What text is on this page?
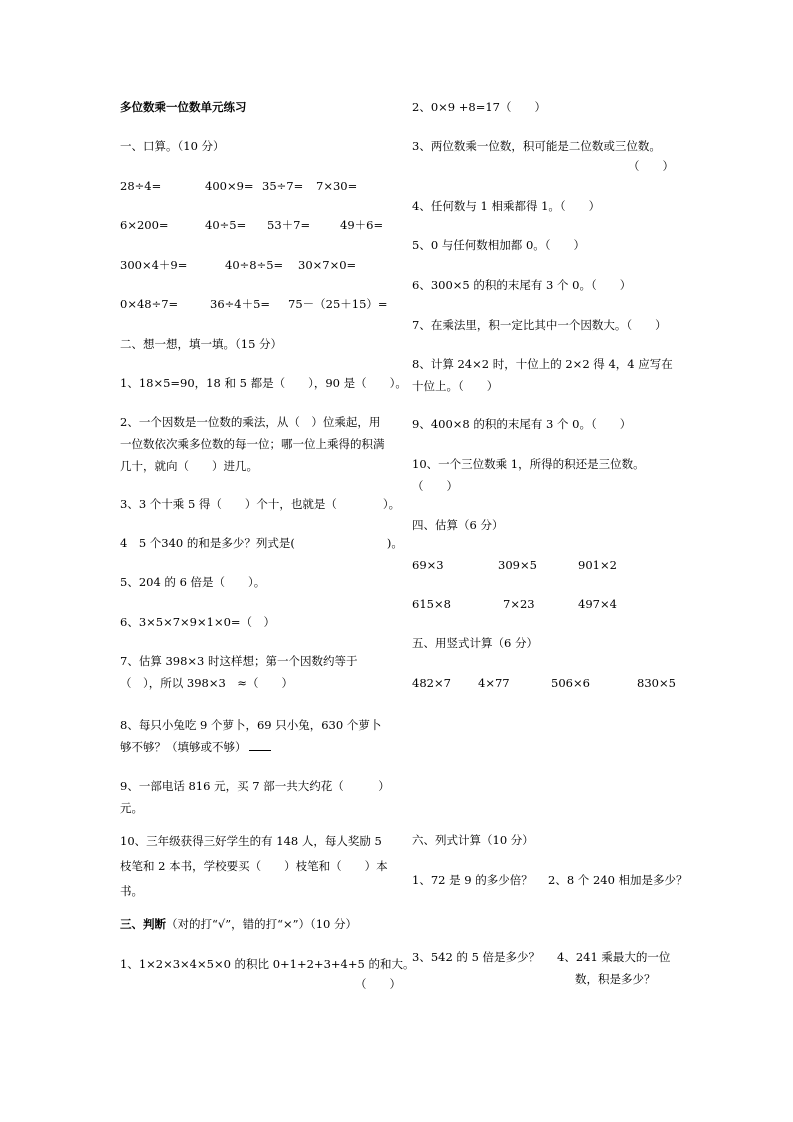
多位数乘一位数单元练习
一、口算。（10 分）
28÷4=	400×9= 35÷7= 7×30=
6×200=	40÷5= 53＋7=	49＋6=
300×4＋9=	40÷8÷5= 30×7×0=
0×48÷7=	36÷4＋5= 75－（25＋15）=
二、想一想，填一填。（15 分）
1、18×5=90，18 和 5 都是（　　），90 是（　　）。
2、一个因数是一位数的乘法，从（　）位乘起，用一位数依次乘多位数的每一位；哪一位上乘得的积满几十，就向（　　）进几。
3、3 个十乘 5 得（　　）个十，也就是（　　　　）。
4　5 个340 的和是多少？列式是(　　　　　　　　)。
5、204 的 6 倍是（　　）。
6、3×5×7×9×1×0=（　）
7、估算 398×3 时这样想；第一个因数约等于（　），所以 398×3　≈（　　）
8、每只小兔吃 9 个萝卜，69 只小兔，630 个萝卜够不够？（填够或不够）
9、一部电话 816 元，买 7 部一共大约花（　　　）元。
10、三年级获得三好学生的有 148 人，每人奖励 5 枝笔和 2 本书，学校要买（　　）枝笔和（　　）本书。
三、判断（对的打“√”，错的打“×”）（10 分）
1、1×2×3×4×5×0 的积比 0+1+2+3+4+5 的和大。
（　　）
2、0×9 +8=17（　　）
3、两位数乘一位数，积可能是二位数或三位数。
（　　）
4、任何数与 1 相乘都得 1。（　　）
5、0 与任何数相加都 0。（　　）
6、300×5 的积的末尾有 3 个 0。（　　）
7、在乘法里，积一定比其中一个因数大。（　　）
8、计算 24×2 时，十位上的 2×2 得 4，4 应写在十位上。（　　）
9、400×8 的积的末尾有 3 个 0。（　　）
10、一个三位数乘 1，所得的积还是三位数。（　　）
四、估算（6 分）
69×3	309×5	901×2
615×8	7×23	497×4
五、用竖式计算（6 分）
482×7 4×77	506×6	830×5
六、列式计算（10 分）
1、72 是 9 的多少倍？ 2、8 个 240 相加是多少？
3、542 的 5 倍是多少？ 4、241 乘最大的一位
数，积是多少？
